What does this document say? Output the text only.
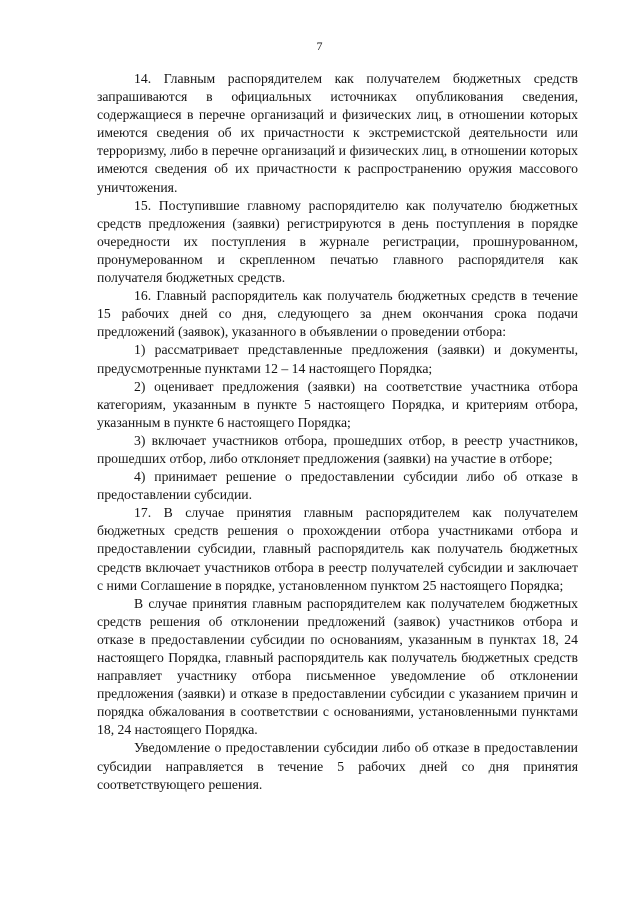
7

14. Главным распорядителем как получателем бюджетных средств запрашиваются в официальных источниках опубликования сведения, содержащиеся в перечне организаций и физических лиц, в отношении которых имеются сведения об их причастности к экстремистской деятельности или терроризму, либо в перечне организаций и физических лиц, в отношении которых имеются сведения об их причастности к распространению оружия массового уничтожения.

15. Поступившие главному распорядителю как получателю бюджетных средств предложения (заявки) регистрируются в день поступления в порядке очередности их поступления в журнале регистрации, прошнурованном, пронумерованном и скрепленном печатью главного распорядителя как получателя бюджетных средств.

16. Главный распорядитель как получатель бюджетных средств в течение 15 рабочих дней со дня, следующего за днем окончания срока подачи предложений (заявок), указанного в объявлении о проведении отбора:

1) рассматривает представленные предложения (заявки) и документы, предусмотренные пунктами 12 – 14 настоящего Порядка;

2) оценивает предложения (заявки) на соответствие участника отбора категориям, указанным в пункте 5 настоящего Порядка, и критериям отбора, указанным в пункте 6 настоящего Порядка;

3) включает участников отбора, прошедших отбор, в реестр участников, прошедших отбор, либо отклоняет предложения (заявки) на участие в отборе;

4) принимает решение о предоставлении субсидии либо об отказе в предоставлении субсидии.

17. В случае принятия главным распорядителем как получателем бюджетных средств решения о прохождении отбора участниками отбора и предоставлении субсидии, главный распорядитель как получатель бюджетных средств включает участников отбора в реестр получателей субсидии и заключает с ними Соглашение в порядке, установленном пунктом 25 настоящего Порядка;

В случае принятия главным распорядителем как получателем бюджетных средств решения об отклонении предложений (заявок) участников отбора и отказе в предоставлении субсидии по основаниям, указанным в пунктах 18, 24 настоящего Порядка, главный распорядитель как получатель бюджетных средств направляет участнику отбора письменное уведомление об отклонении предложения (заявки) и отказе в предоставлении субсидии с указанием причин и порядка обжалования в соответствии с основаниями, установленными пунктами 18, 24 настоящего Порядка.

Уведомление о предоставлении субсидии либо об отказе в предоставлении субсидии направляется в течение 5 рабочих дней со дня принятия соответствующего решения.
